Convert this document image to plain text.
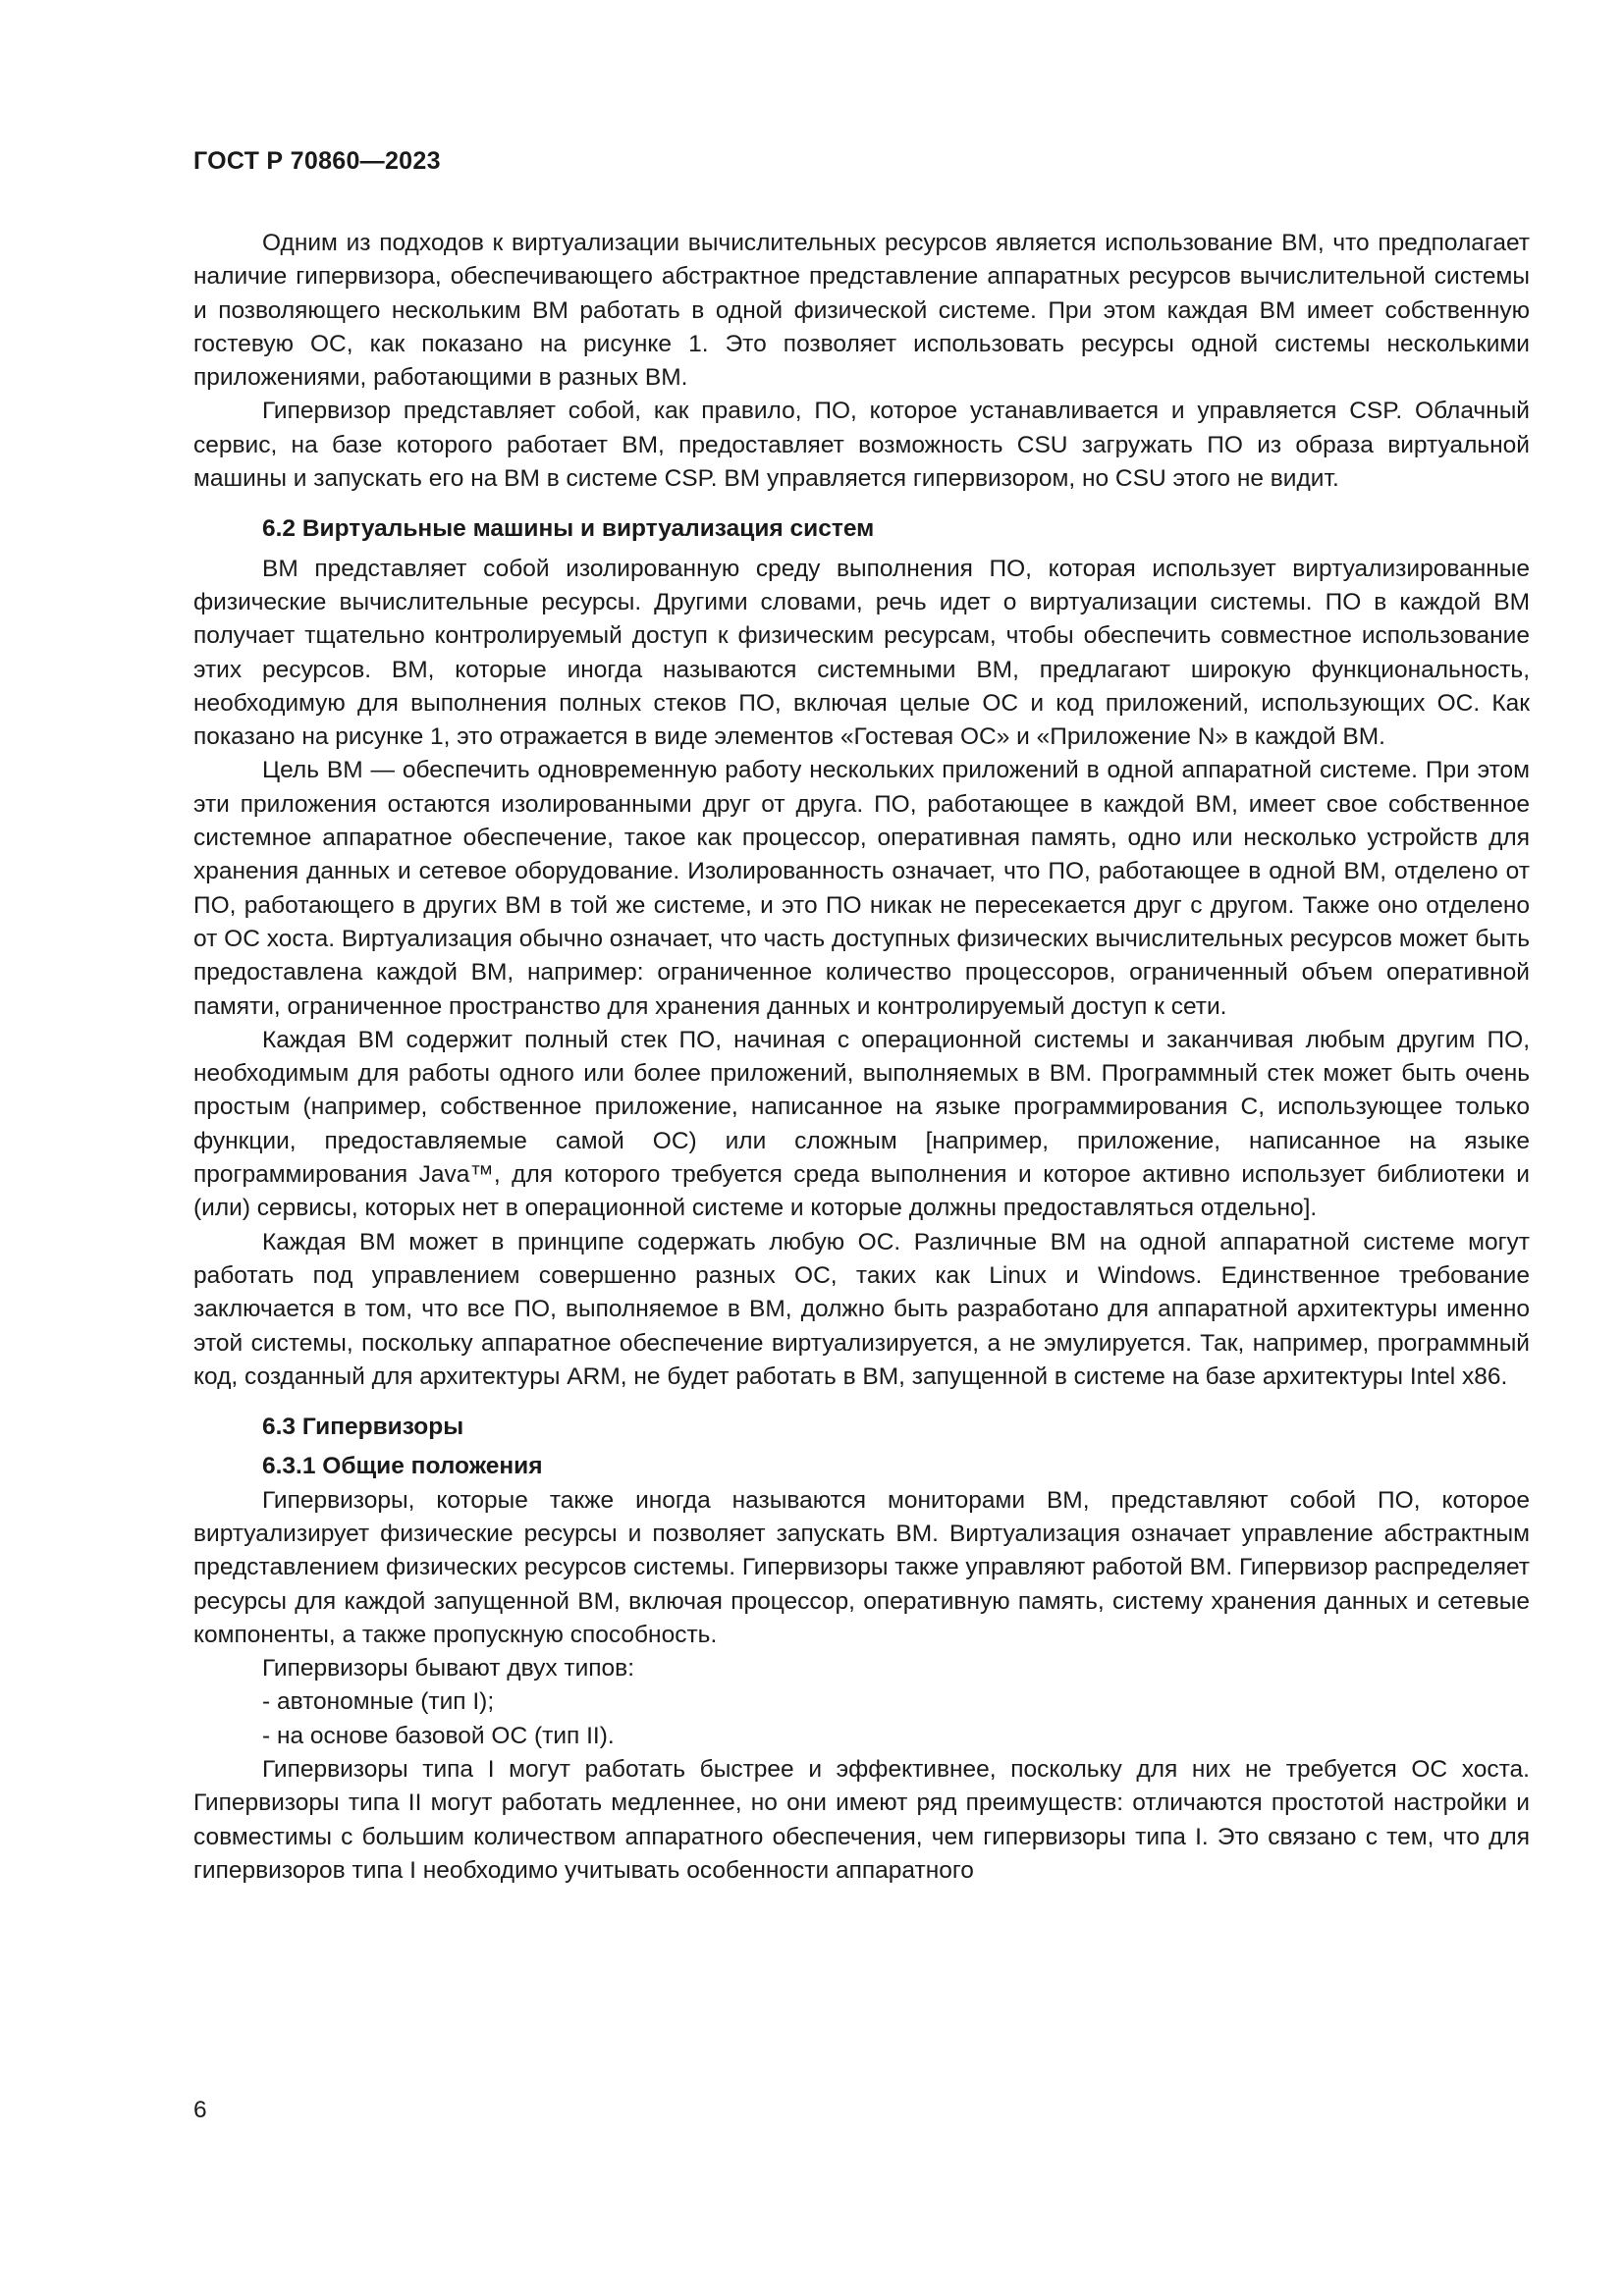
ГОСТ Р 70860—2023

Одним из подходов к виртуализации вычислительных ресурсов является использование ВМ, что предполагает наличие гипервизора, обеспечивающего абстрактное представление аппаратных ресурсов вычислительной системы и позволяющего нескольким ВМ работать в одной физической системе. При этом каждая ВМ имеет собственную гостевую ОС, как показано на рисунке 1. Это позволяет использовать ресурсы одной системы несколькими приложениями, работающими в разных ВМ.

Гипервизор представляет собой, как правило, ПО, которое устанавливается и управляется CSP. Облачный сервис, на базе которого работает ВМ, предоставляет возможность CSU загружать ПО из образа виртуальной машины и запускать его на ВМ в системе CSP. ВМ управляется гипервизором, но CSU этого не видит.

6.2 Виртуальные машины и виртуализация систем

ВМ представляет собой изолированную среду выполнения ПО, которая использует виртуализированные физические вычислительные ресурсы. Другими словами, речь идет о виртуализации системы. ПО в каждой ВМ получает тщательно контролируемый доступ к физическим ресурсам, чтобы обеспечить совместное использование этих ресурсов. ВМ, которые иногда называются системными ВМ, предлагают широкую функциональность, необходимую для выполнения полных стеков ПО, включая целые ОС и код приложений, использующих ОС. Как показано на рисунке 1, это отражается в виде элементов «Гостевая ОС» и «Приложение N» в каждой ВМ.

Цель ВМ — обеспечить одновременную работу нескольких приложений в одной аппаратной системе. При этом эти приложения остаются изолированными друг от друга. ПО, работающее в каждой ВМ, имеет свое собственное системное аппаратное обеспечение, такое как процессор, оперативная память, одно или несколько устройств для хранения данных и сетевое оборудование. Изолированность означает, что ПО, работающее в одной ВМ, отделено от ПО, работающего в других ВМ в той же системе, и это ПО никак не пересекается друг с другом. Также оно отделено от ОС хоста. Виртуализация обычно означает, что часть доступных физических вычислительных ресурсов может быть предоставлена каждой ВМ, например: ограниченное количество процессоров, ограниченный объем оперативной памяти, ограниченное пространство для хранения данных и контролируемый доступ к сети.

Каждая ВМ содержит полный стек ПО, начиная с операционной системы и заканчивая любым другим ПО, необходимым для работы одного или более приложений, выполняемых в ВМ. Программный стек может быть очень простым (например, собственное приложение, написанное на языке программирования C, использующее только функции, предоставляемые самой ОС) или сложным [например, приложение, написанное на языке программирования Java™, для которого требуется среда выполнения и которое активно использует библиотеки и (или) сервисы, которых нет в операционной системе и которые должны предоставляться отдельно].

Каждая ВМ может в принципе содержать любую ОС. Различные ВМ на одной аппаратной системе могут работать под управлением совершенно разных ОС, таких как Linux и Windows. Единственное требование заключается в том, что все ПО, выполняемое в ВМ, должно быть разработано для аппаратной архитектуры именно этой системы, поскольку аппаратное обеспечение виртуализируется, а не эмулируется. Так, например, программный код, созданный для архитектуры ARM, не будет работать в ВМ, запущенной в системе на базе архитектуры Intel x86.

6.3 Гипервизоры
6.3.1 Общие положения

Гипервизоры, которые также иногда называются мониторами ВМ, представляют собой ПО, которое виртуализирует физические ресурсы и позволяет запускать ВМ. Виртуализация означает управление абстрактным представлением физических ресурсов системы. Гипервизоры также управляют работой ВМ. Гипервизор распределяет ресурсы для каждой запущенной ВМ, включая процессор, оперативную память, систему хранения данных и сетевые компоненты, а также пропускную способность.

Гипервизоры бывают двух типов:

- автономные (тип I);
- на основе базовой ОС (тип II).

Гипервизоры типа I могут работать быстрее и эффективнее, поскольку для них не требуется ОС хоста. Гипервизоры типа II могут работать медленнее, но они имеют ряд преимуществ: отличаются простотой настройки и совместимы с большим количеством аппаратного обеспечения, чем гипервизоры типа I. Это связано с тем, что для гипервизоров типа I необходимо учитывать особенности аппаратного

6
